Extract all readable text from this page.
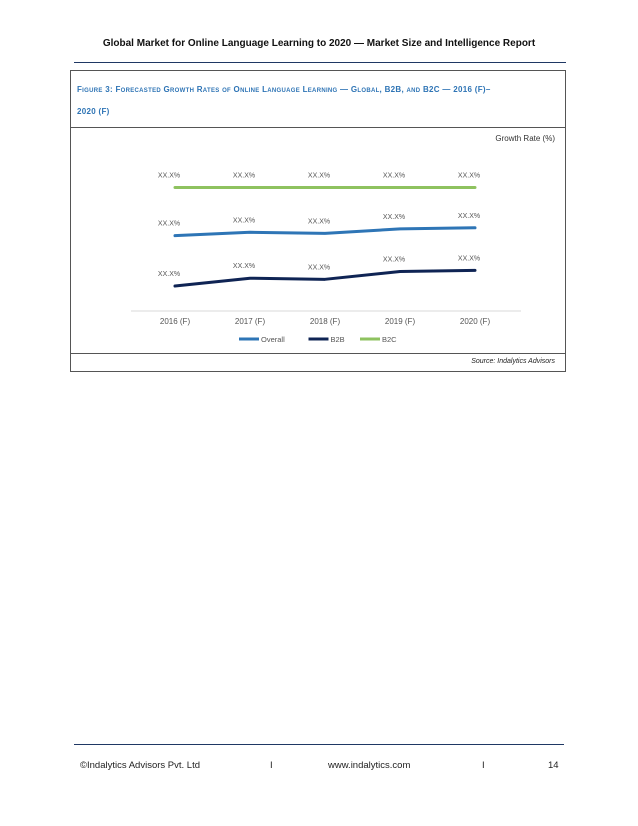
Global Market for Online Language Learning to 2020 — Market Size and Intelligence Report
Figure 3: Forecasted Growth Rates of Online Language Learning — Global, B2B, and B2C — 2016 (F)–
2020 (F)
Growth Rate (%)
2016 (F)	2017 (F)	2018 (F)	2019 (F)	2020 (F)
XX.X%	XX.X%	XX.X%
XX.X%	XX.X%
XX.X%
XX.X%	XX.X%
XX.X%	XX.X%
XX.X%	XX.X%	XX.X%	XX.X%	XX.X%
Overall	B2B	B2C
Source: Indalytics Advisors
©Indalytics Advisors Pvt. Ltd	I	www.indalytics.com	I	14
